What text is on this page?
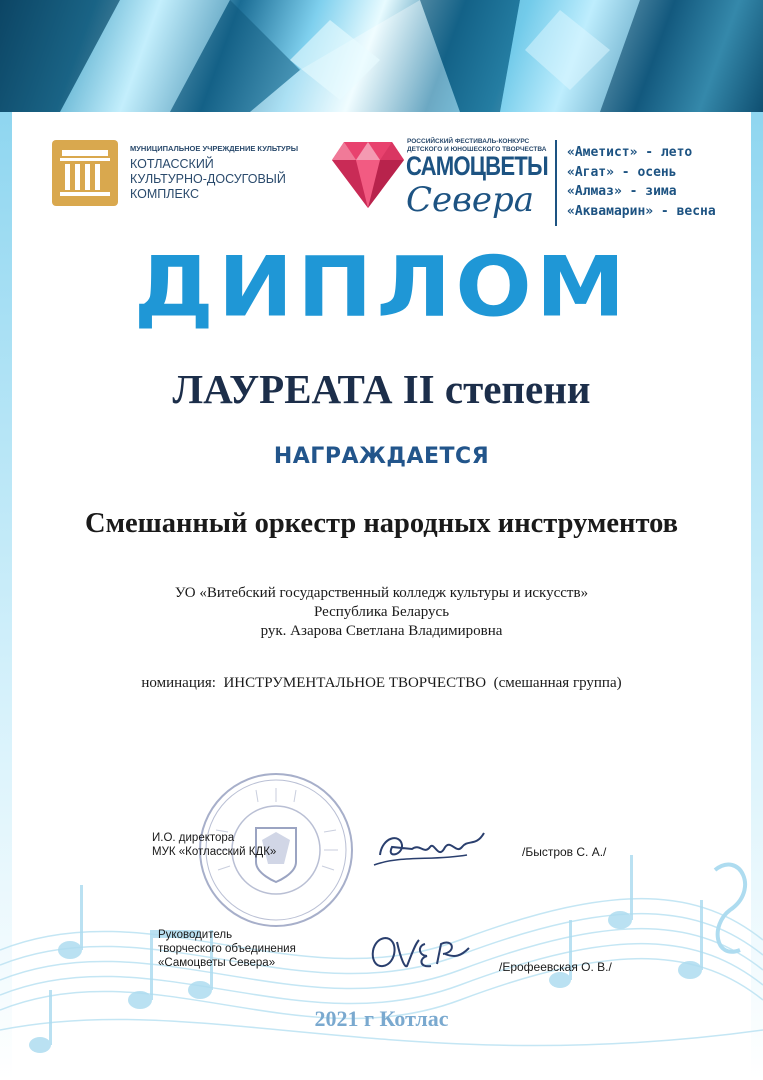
МУНИЦИПАЛЬНОЕ УЧРЕЖДЕНИЕ КУЛЬТУРЫ
КОТЛАССКИЙ
КУЛЬТУРНО-ДОСУГОВЫЙ
КОМПЛЕКС
РОССИЙСКИЙ ФЕСТИВАЛЬ-КОНКУРС
ДЕТСКОГО И ЮНОШЕСКОГО ТВОРЧЕСТВА
САМОЦВЕТЫ
Севера
«Аметист» - лето
«Агат» - осень
«Алмаз» - зима
«Аквамарин» - весна
ДИПЛОМ
ЛАУРЕАТА II степени
НАГРАЖДАЕТСЯ
Смешанный оркестр народных инструментов
УО «Витебский государственный колледж культуры и искусств»
Республика Беларусь
рук. Азарова Светлана Владимировна
номинация:  ИНСТРУМЕНТАЛЬНОЕ ТВОРЧЕСТВО  (смешанная группа)
И.О. директора
МУК «Котласский КДК»	/Быстров С. А./
Руководитель
творческого объединения
«Самоцветы Севера»	/Ерофеевская О. В./
2021 г Котлас
